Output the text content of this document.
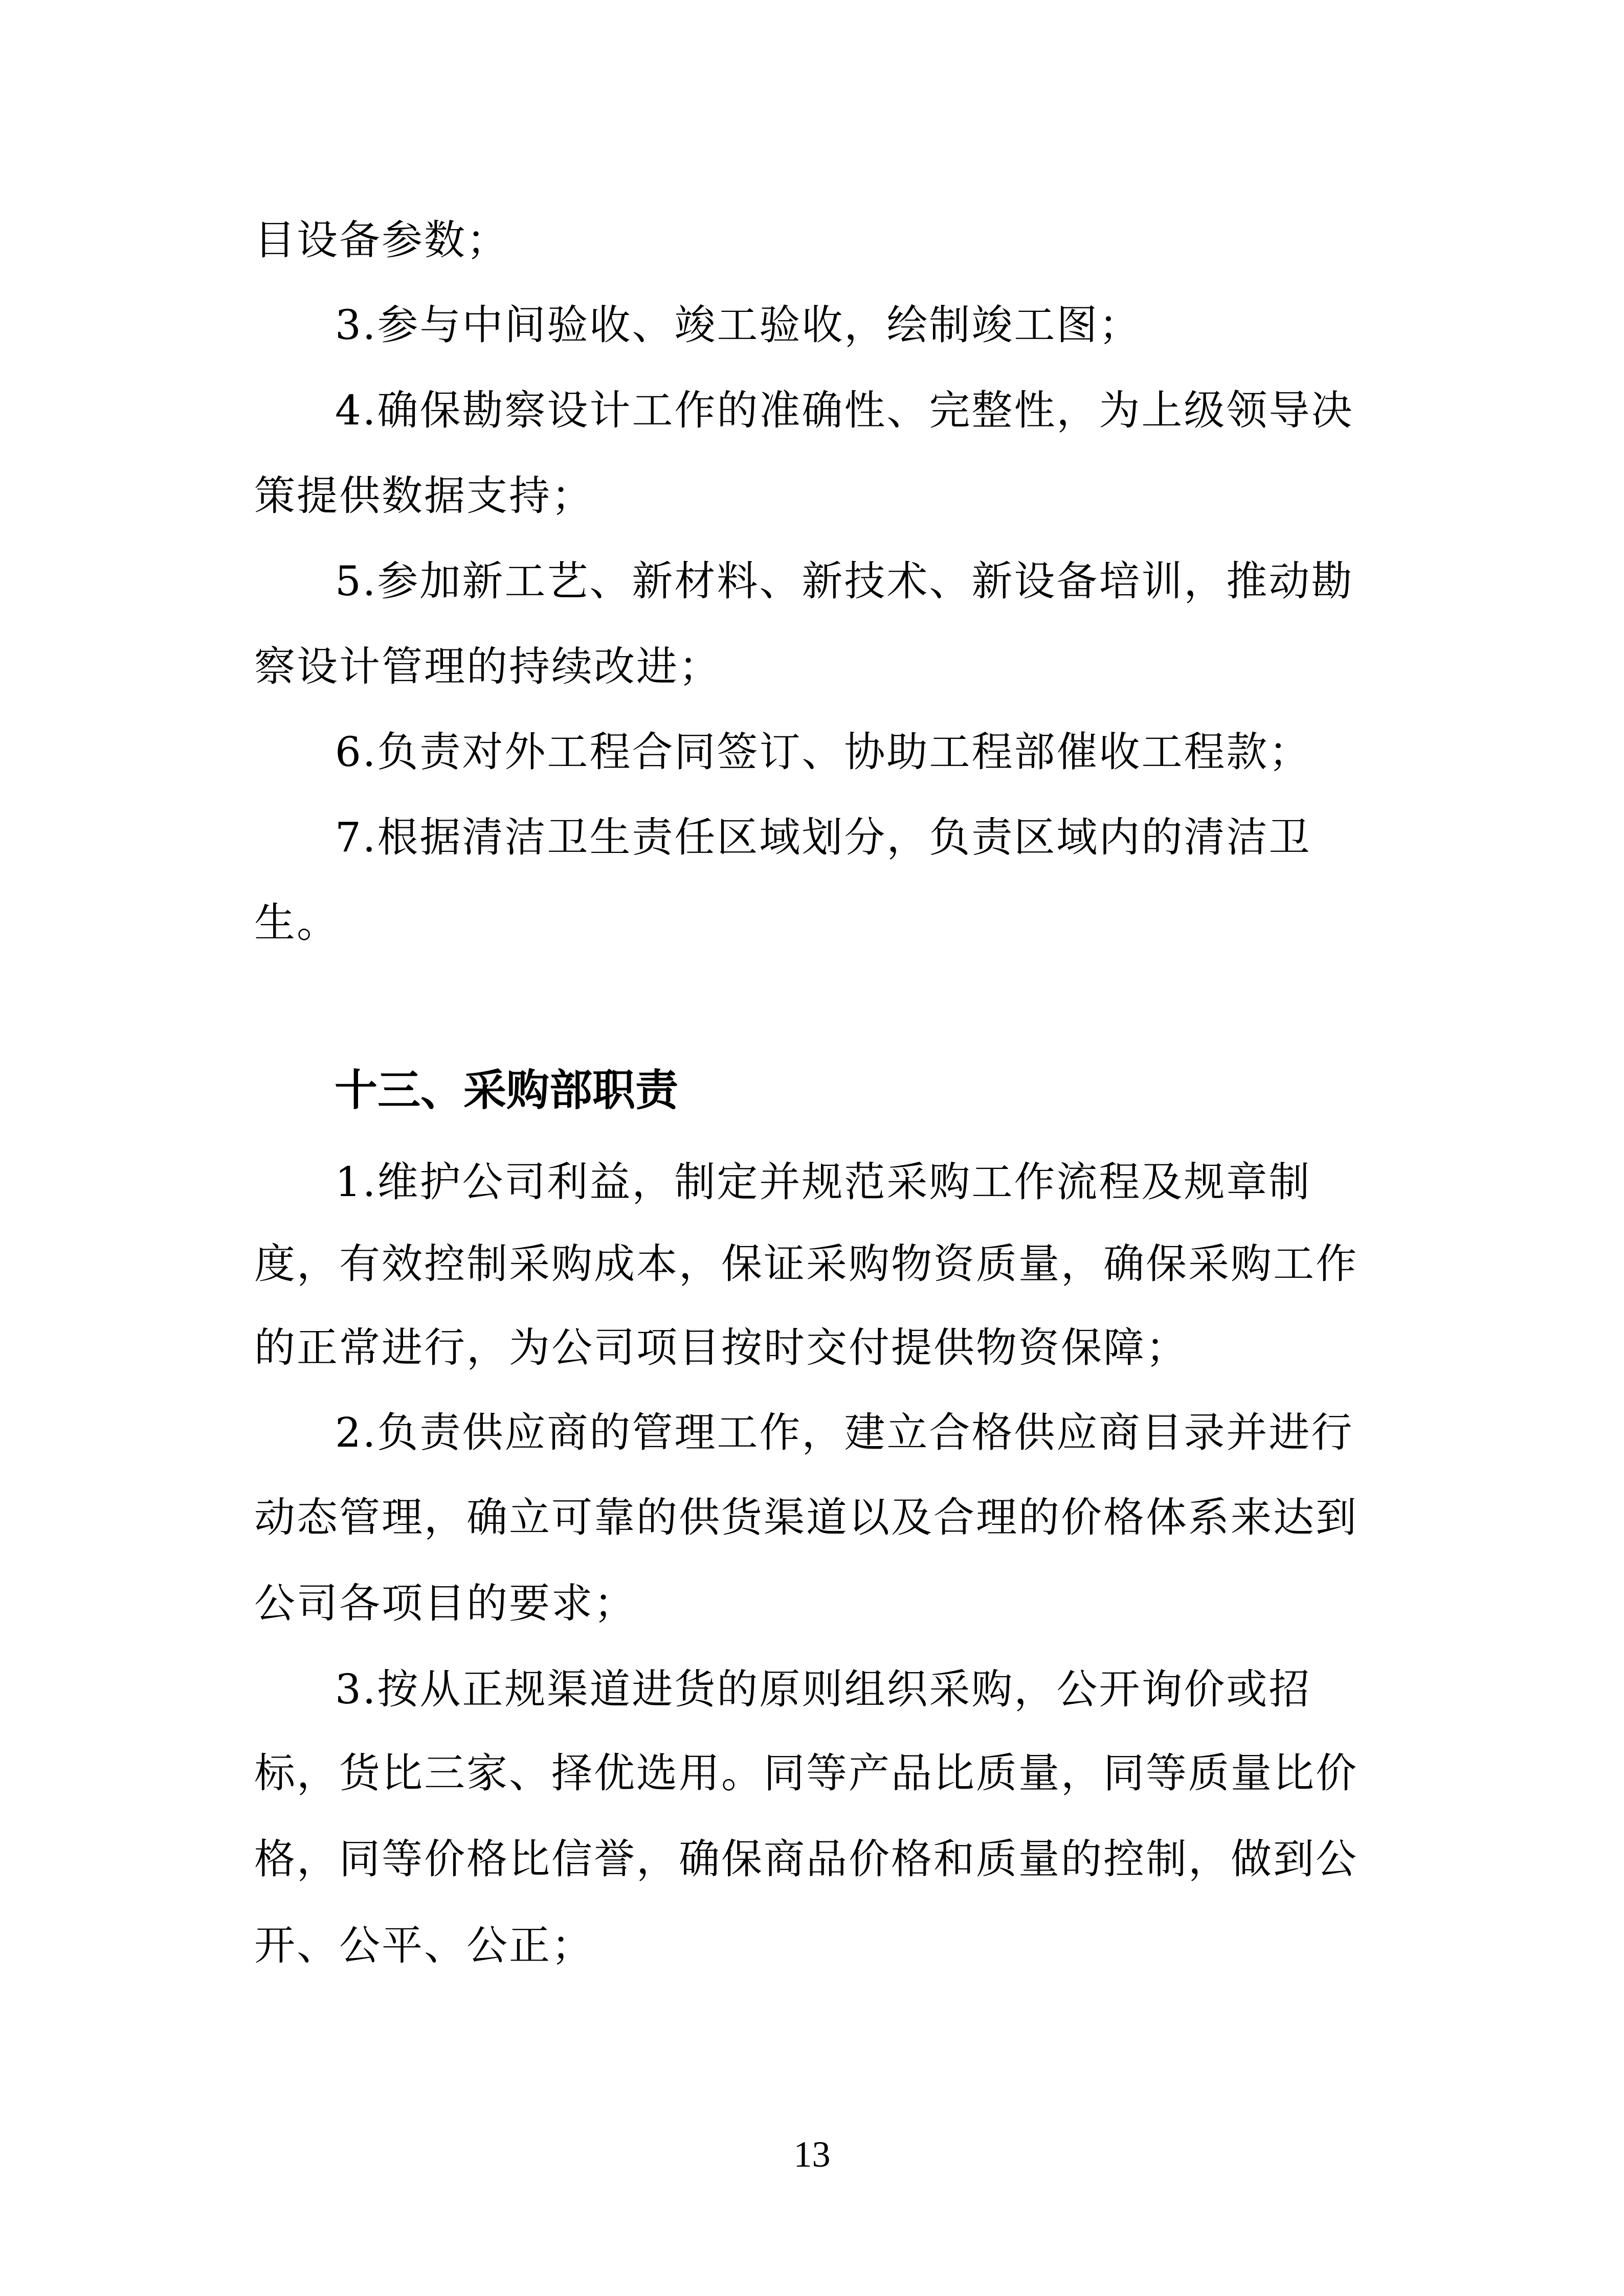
目设备参数；
3.参与中间验收、竣工验收，绘制竣工图；
4.确保勘察设计工作的准确性、完整性，为上级领导决
策提供数据支持；
5.参加新工艺、新材料、新技术、新设备培训，推动勘
察设计管理的持续改进；
6.负责对外工程合同签订、协助工程部催收工程款；
7.根据清洁卫生责任区域划分，负责区域内的清洁卫
生。
十三、采购部职责
1.维护公司利益，制定并规范采购工作流程及规章制
度，有效控制采购成本，保证采购物资质量，确保采购工作
的正常进行，为公司项目按时交付提供物资保障；
2.负责供应商的管理工作，建立合格供应商目录并进行
动态管理，确立可靠的供货渠道以及合理的价格体系来达到
公司各项目的要求；
3.按从正规渠道进货的原则组织采购，公开询价或招
标，货比三家、择优选用。同等产品比质量，同等质量比价
格，同等价格比信誉，确保商品价格和质量的控制，做到公
开、公平、公正；
13
